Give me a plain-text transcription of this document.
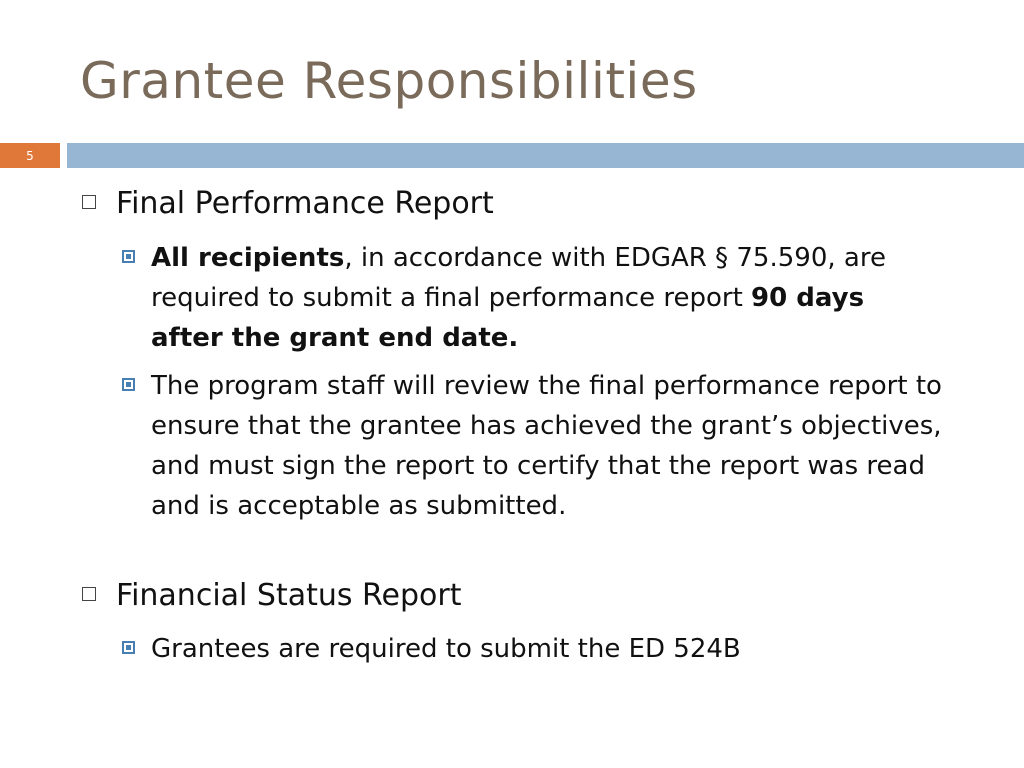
Grantee Responsibilities
5
Final Performance Report
All recipients, in accordance with EDGAR § 75.590, are required to submit a final performance report 90 days after the grant end date.
The program staff will review the final performance report to ensure that the grantee has achieved the grant’s objectives, and must sign the report to certify that the report was read and is acceptable as submitted.
Financial Status Report
Grantees are required to submit the ED 524B
